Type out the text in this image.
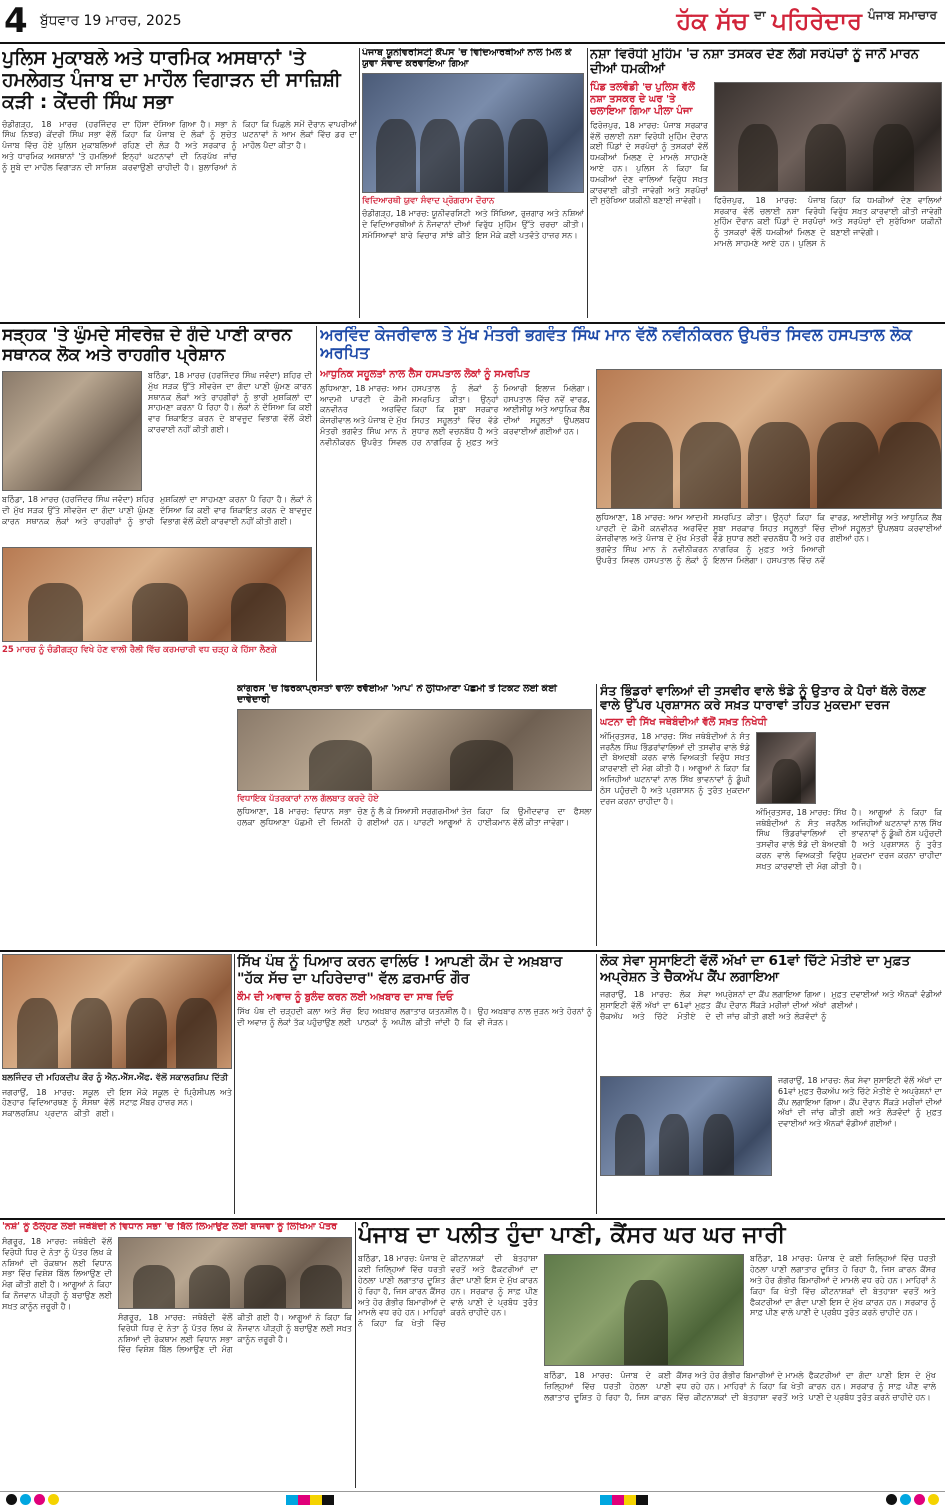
4 ਬੁੱਧਵਾਰ 19 ਮਾਰਚ, 2025	ਹੱਕ ਸੱਚ ਦਾ ਪਹਿਰੇਦਾਰ ਪੰਜਾਬ ਸਮਾਚਾਰ
ਪੁਲਿਸ ਮੁਕਾਬਲੇ ਅਤੇ ਧਾਰਮਿਕ ਅਸਥਾਨਾਂ 'ਤੇ ਹਮਲੇਗਤ ਪੰਜਾਬ ਦਾ ਮਾਹੌਲ ਵਿਗਾੜਨ ਦੀ ਸਾਜ਼ਿਸ਼ੀ ਕੜੀ : ਕੇਂਦਰੀ ਸਿੰਘ ਸਭਾ
ਚੰਡੀਗੜ੍ਹ, 18 ਮਾਰਚ (ਹਰਜਿੰਦਰ ਸਿੰਘ ਨਿਝਰ) ਕੇਂਦਰੀ ਸਿੰਘ ਸਭਾ ਵੱਲੋਂ ਪੰਜਾਬ ਵਿੱਚ ਹੋਏ ਪੁਲਿਸ ਮੁਕਾਬਲਿਆਂ ਅਤੇ ਧਾਰਮਿਕ ਅਸਥਾਨਾਂ 'ਤੇ ਹਮਲਿਆਂ ਨੂੰ ਸੂਬੇ ਦਾ ਮਾਹੌਲ ਵਿਗਾੜਨ ਦੀ ਸਾਜ਼ਿਸ਼ ਦਾ ਹਿੱਸਾ ਦੱਸਿਆ ਗਿਆ ਹੈ। ਸਭਾ ਨੇ ਕਿਹਾ ਕਿ ਪੰਜਾਬ ਦੇ ਲੋਕਾਂ ਨੂੰ ਸੁਚੇਤ ਰਹਿਣ ਦੀ ਲੋੜ ਹੈ ਅਤੇ ਸਰਕਾਰ ਨੂੰ ਇਨ੍ਹਾਂ ਘਟਨਾਵਾਂ ਦੀ ਨਿਰਪੱਖ ਜਾਂਚ ਕਰਵਾਉਣੀ ਚਾਹੀਦੀ ਹੈ। ਬੁਲਾਰਿਆਂ ਨੇ ਕਿਹਾ ਕਿ ਪਿਛਲੇ ਸਮੇਂ ਦੌਰਾਨ ਵਾਪਰੀਆਂ ਘਟਨਾਵਾਂ ਨੇ ਆਮ ਲੋਕਾਂ ਵਿੱਚ ਡਰ ਦਾ ਮਾਹੌਲ ਪੈਦਾ ਕੀਤਾ ਹੈ।
ਪੰਜਾਬ ਯੂਨੀਵਰਸਿਟੀ ਕੈਂਪਸ 'ਚ ਵਿਦਿਆਰਥੀਆਂ ਨਾਲ ਮਿਲ ਕੇ ਯੁਵਾ ਸੰਵਾਦ ਕਰਵਾਇਆ ਗਿਆ
ਵਿਦਿਆਰਥੀ ਯੁਵਾ ਸੰਵਾਦ ਪ੍ਰੋਗਰਾਮ ਦੌਰਾਨ
ਚੰਡੀਗੜ੍ਹ, 18 ਮਾਰਚ: ਯੂਨੀਵਰਸਿਟੀ ਦੇ ਵਿਦਿਆਰਥੀਆਂ ਨੇ ਨੌਜਵਾਨਾਂ ਦੀਆਂ ਸਮੱਸਿਆਵਾਂ ਬਾਰੇ ਵਿਚਾਰ ਸਾਂਝੇ ਕੀਤੇ ਅਤੇ ਸਿੱਖਿਆ, ਰੁਜ਼ਗਾਰ ਅਤੇ ਨਸ਼ਿਆਂ ਵਿਰੁੱਧ ਮੁਹਿੰਮ ਉੱਤੇ ਚਰਚਾ ਕੀਤੀ। ਇਸ ਮੌਕੇ ਕਈ ਪਤਵੰਤੇ ਹਾਜ਼ਰ ਸਨ।
ਨਸ਼ਾ ਵਿਰੋਧੀ ਮੁਹਿੰਮ 'ਚ ਨਸ਼ਾ ਤਸਕਰ ਦੇਣ ਲੱਗੇ ਸਰਪੰਚਾਂ ਨੂੰ ਜਾਨੋਂ ਮਾਰਨ ਦੀਆਂ ਧਮਕੀਆਂ
ਪਿੰਡ ਤਲਵੰਡੀ 'ਚ ਪੁਲਿਸ ਵੱਲੋਂ ਨਸ਼ਾ ਤਸਕਰ ਦੇ ਘਰ 'ਤੇ ਚਲਾਇਆ ਗਿਆ ਪੀਲਾ ਪੰਜਾ
ਫਿਰੋਜ਼ਪੁਰ, 18 ਮਾਰਚ: ਪੰਜਾਬ ਸਰਕਾਰ ਵੱਲੋਂ ਚਲਾਈ ਨਸ਼ਾ ਵਿਰੋਧੀ ਮੁਹਿੰਮ ਦੌਰਾਨ ਕਈ ਪਿੰਡਾਂ ਦੇ ਸਰਪੰਚਾਂ ਨੂੰ ਤਸਕਰਾਂ ਵੱਲੋਂ ਧਮਕੀਆਂ ਮਿਲਣ ਦੇ ਮਾਮਲੇ ਸਾਹਮਣੇ ਆਏ ਹਨ। ਪੁਲਿਸ ਨੇ ਕਿਹਾ ਕਿ ਧਮਕੀਆਂ ਦੇਣ ਵਾਲਿਆਂ ਵਿਰੁੱਧ ਸਖ਼ਤ ਕਾਰਵਾਈ ਕੀਤੀ ਜਾਵੇਗੀ ਅਤੇ ਸਰਪੰਚਾਂ ਦੀ ਸੁਰੱਖਿਆ ਯਕੀਨੀ ਬਣਾਈ ਜਾਵੇਗੀ।	ਫਿਰੋਜ਼ਪੁਰ, 18 ਮਾਰਚ: ਪੰਜਾਬ ਸਰਕਾਰ ਵੱਲੋਂ ਚਲਾਈ ਨਸ਼ਾ ਵਿਰੋਧੀ ਮੁਹਿੰਮ ਦੌਰਾਨ ਕਈ ਪਿੰਡਾਂ ਦੇ ਸਰਪੰਚਾਂ ਨੂੰ ਤਸਕਰਾਂ ਵੱਲੋਂ ਧਮਕੀਆਂ ਮਿਲਣ ਦੇ ਮਾਮਲੇ ਸਾਹਮਣੇ ਆਏ ਹਨ। ਪੁਲਿਸ ਨੇ ਕਿਹਾ ਕਿ ਧਮਕੀਆਂ ਦੇਣ ਵਾਲਿਆਂ ਵਿਰੁੱਧ ਸਖ਼ਤ ਕਾਰਵਾਈ ਕੀਤੀ ਜਾਵੇਗੀ ਅਤੇ ਸਰਪੰਚਾਂ ਦੀ ਸੁਰੱਖਿਆ ਯਕੀਨੀ ਬਣਾਈ ਜਾਵੇਗੀ।
ਸੜ੍ਹਕ 'ਤੇ ਘੁੰਮਦੇ ਸੀਵਰੇਜ਼ ਦੇ ਗੰਦੇ ਪਾਣੀ ਕਾਰਨ ਸਥਾਨਕ ਲੋਕ ਅਤੇ ਰਾਹਗੀਰ ਪ੍ਰੇਸ਼ਾਨ
ਬਠਿੰਡਾ, 18 ਮਾਰਚ (ਹਰਜਿੰਦਰ ਸਿੰਘ ਜਵੰਦਾ) ਸ਼ਹਿਰ ਦੀ ਮੁੱਖ ਸੜਕ ਉੱਤੇ ਸੀਵਰੇਜ ਦਾ ਗੰਦਾ ਪਾਣੀ ਘੁੰਮਣ ਕਾਰਨ ਸਥਾਨਕ ਲੋਕਾਂ ਅਤੇ ਰਾਹਗੀਰਾਂ ਨੂੰ ਭਾਰੀ ਮੁਸ਼ਕਿਲਾਂ ਦਾ ਸਾਹਮਣਾ ਕਰਨਾ ਪੈ ਰਿਹਾ ਹੈ। ਲੋਕਾਂ ਨੇ ਦੱਸਿਆ ਕਿ ਕਈ ਵਾਰ ਸ਼ਿਕਾਇਤ ਕਰਨ ਦੇ ਬਾਵਜੂਦ ਵਿਭਾਗ ਵੱਲੋਂ ਕੋਈ ਕਾਰਵਾਈ ਨਹੀਂ ਕੀਤੀ ਗਈ।
ਬਠਿੰਡਾ, 18 ਮਾਰਚ (ਹਰਜਿੰਦਰ ਸਿੰਘ ਜਵੰਦਾ) ਸ਼ਹਿਰ ਦੀ ਮੁੱਖ ਸੜਕ ਉੱਤੇ ਸੀਵਰੇਜ ਦਾ ਗੰਦਾ ਪਾਣੀ ਘੁੰਮਣ ਕਾਰਨ ਸਥਾਨਕ ਲੋਕਾਂ ਅਤੇ ਰਾਹਗੀਰਾਂ ਨੂੰ ਭਾਰੀ ਮੁਸ਼ਕਿਲਾਂ ਦਾ ਸਾਹਮਣਾ ਕਰਨਾ ਪੈ ਰਿਹਾ ਹੈ। ਲੋਕਾਂ ਨੇ ਦੱਸਿਆ ਕਿ ਕਈ ਵਾਰ ਸ਼ਿਕਾਇਤ ਕਰਨ ਦੇ ਬਾਵਜੂਦ ਵਿਭਾਗ ਵੱਲੋਂ ਕੋਈ ਕਾਰਵਾਈ ਨਹੀਂ ਕੀਤੀ ਗਈ।
25 ਮਾਰਚ ਨੂੰ ਚੰਡੀਗੜ੍ਹ ਵਿਖੇ ਹੋਣ ਵਾਲੀ ਰੈਲੀ ਵਿੱਚ ਕਰਮਚਾਰੀ ਵਧ ਚੜ੍ਹ ਕੇ ਹਿੱਸਾ ਲੈਣਗੇ
ਅਰਵਿੰਦ ਕੇਜਰੀਵਾਲ ਤੇ ਮੁੱਖ ਮੰਤਰੀ ਭਗਵੰਤ ਸਿੰਘ ਮਾਨ ਵੱਲੋਂ ਨਵੀਨੀਕਰਨ ਉਪਰੰਤ ਸਿਵਲ ਹਸਪਤਾਲ ਲੋਕ ਅਰਪਿਤ
ਆਧੁਨਿਕ ਸਹੂਲਤਾਂ ਨਾਲ ਲੈਸ ਹਸਪਤਾਲ ਲੋਕਾਂ ਨੂੰ ਸਮਰਪਿਤ
ਲੁਧਿਆਣਾ, 18 ਮਾਰਚ: ਆਮ ਆਦਮੀ ਪਾਰਟੀ ਦੇ ਕੌਮੀ ਕਨਵੀਨਰ ਅਰਵਿੰਦ ਕੇਜਰੀਵਾਲ ਅਤੇ ਪੰਜਾਬ ਦੇ ਮੁੱਖ ਮੰਤਰੀ ਭਗਵੰਤ ਸਿੰਘ ਮਾਨ ਨੇ ਨਵੀਨੀਕਰਨ ਉਪਰੰਤ ਸਿਵਲ ਹਸਪਤਾਲ ਨੂੰ ਲੋਕਾਂ ਨੂੰ ਸਮਰਪਿਤ ਕੀਤਾ। ਉਨ੍ਹਾਂ ਕਿਹਾ ਕਿ ਸੂਬਾ ਸਰਕਾਰ ਸਿਹਤ ਸਹੂਲਤਾਂ ਵਿੱਚ ਵੱਡੇ ਸੁਧਾਰ ਲਈ ਵਚਨਬੱਧ ਹੈ ਅਤੇ ਹਰ ਨਾਗਰਿਕ ਨੂੰ ਮੁਫ਼ਤ ਅਤੇ ਮਿਆਰੀ ਇਲਾਜ ਮਿਲੇਗਾ। ਹਸਪਤਾਲ ਵਿੱਚ ਨਵੇਂ ਵਾਰਡ, ਆਈਸੀਯੂ ਅਤੇ ਆਧੁਨਿਕ ਲੈਬ ਦੀਆਂ ਸਹੂਲਤਾਂ ਉਪਲਬਧ ਕਰਵਾਈਆਂ ਗਈਆਂ ਹਨ।
ਲੁਧਿਆਣਾ, 18 ਮਾਰਚ: ਆਮ ਆਦਮੀ ਪਾਰਟੀ ਦੇ ਕੌਮੀ ਕਨਵੀਨਰ ਅਰਵਿੰਦ ਕੇਜਰੀਵਾਲ ਅਤੇ ਪੰਜਾਬ ਦੇ ਮੁੱਖ ਮੰਤਰੀ ਭਗਵੰਤ ਸਿੰਘ ਮਾਨ ਨੇ ਨਵੀਨੀਕਰਨ ਉਪਰੰਤ ਸਿਵਲ ਹਸਪਤਾਲ ਨੂੰ ਲੋਕਾਂ ਨੂੰ ਸਮਰਪਿਤ ਕੀਤਾ। ਉਨ੍ਹਾਂ ਕਿਹਾ ਕਿ ਸੂਬਾ ਸਰਕਾਰ ਸਿਹਤ ਸਹੂਲਤਾਂ ਵਿੱਚ ਵੱਡੇ ਸੁਧਾਰ ਲਈ ਵਚਨਬੱਧ ਹੈ ਅਤੇ ਹਰ ਨਾਗਰਿਕ ਨੂੰ ਮੁਫ਼ਤ ਅਤੇ ਮਿਆਰੀ ਇਲਾਜ ਮਿਲੇਗਾ। ਹਸਪਤਾਲ ਵਿੱਚ ਨਵੇਂ ਵਾਰਡ, ਆਈਸੀਯੂ ਅਤੇ ਆਧੁਨਿਕ ਲੈਬ ਦੀਆਂ ਸਹੂਲਤਾਂ ਉਪਲਬਧ ਕਰਵਾਈਆਂ ਗਈਆਂ ਹਨ।
ਕਾਂਗਰਸ 'ਚ ਫਿਰਕਾਪ੍ਰਸਤਾਂ ਵਾਲਾ ਰਵੱਈਆ 'ਆਪ' ਨੇ ਲੁਧਿਆਣਾ ਪੱਛਮੀ ਤੋਂ ਟਿਕਟ ਲਈ ਕੋਈ ਦਾਵੇਦਾਰੀ
ਵਿਧਾਇਕ ਪੱਤਰਕਾਰਾਂ ਨਾਲ ਗੱਲਬਾਤ ਕਰਦੇ ਹੋਏ
ਲੁਧਿਆਣਾ, 18 ਮਾਰਚ: ਵਿਧਾਨ ਸਭਾ ਹਲਕਾ ਲੁਧਿਆਣਾ ਪੱਛਮੀ ਦੀ ਜ਼ਿਮਨੀ ਚੋਣ ਨੂੰ ਲੈ ਕੇ ਸਿਆਸੀ ਸਰਗਰਮੀਆਂ ਤੇਜ਼ ਹੋ ਗਈਆਂ ਹਨ। ਪਾਰਟੀ ਆਗੂਆਂ ਨੇ ਕਿਹਾ ਕਿ ਉਮੀਦਵਾਰ ਦਾ ਫੈਸਲਾ ਹਾਈਕਮਾਨ ਵੱਲੋਂ ਕੀਤਾ ਜਾਵੇਗਾ।
ਸੰਤ ਭਿੰਡਰਾਂ ਵਾਲਿਆਂ ਦੀ ਤਸਵੀਰ ਵਾਲੇ ਝੰਡੇ ਨੂੰ ਉਤਾਰ ਕੇ ਪੈਰਾਂ ਥੱਲੇ ਰੋਲਣ ਵਾਲੇ ਉੱਪਰ ਪ੍ਰਸ਼ਾਸਨ ਕਰੇ ਸਖ਼ਤ ਧਾਰਾਵਾਂ ਤਹਿਤ ਮੁਕਦਮਾ ਦਰਜ
ਘਟਨਾ ਦੀ ਸਿੱਖ ਜਥੇਬੰਦੀਆਂ ਵੱਲੋਂ ਸਖ਼ਤ ਨਿਖੇਧੀ
ਅੰਮ੍ਰਿਤਸਰ, 18 ਮਾਰਚ: ਸਿੱਖ ਜਥੇਬੰਦੀਆਂ ਨੇ ਸੰਤ ਜਰਨੈਲ ਸਿੰਘ ਭਿੰਡਰਾਂਵਾਲਿਆਂ ਦੀ ਤਸਵੀਰ ਵਾਲੇ ਝੰਡੇ ਦੀ ਬੇਅਦਬੀ ਕਰਨ ਵਾਲੇ ਵਿਅਕਤੀ ਵਿਰੁੱਧ ਸਖ਼ਤ ਕਾਰਵਾਈ ਦੀ ਮੰਗ ਕੀਤੀ ਹੈ। ਆਗੂਆਂ ਨੇ ਕਿਹਾ ਕਿ ਅਜਿਹੀਆਂ ਘਟਨਾਵਾਂ ਨਾਲ ਸਿੱਖ ਭਾਵਨਾਵਾਂ ਨੂੰ ਡੂੰਘੀ ਠੇਸ ਪਹੁੰਚਦੀ ਹੈ ਅਤੇ ਪ੍ਰਸ਼ਾਸਨ ਨੂੰ ਤੁਰੰਤ ਮੁਕਦਮਾ ਦਰਜ ਕਰਨਾ ਚਾਹੀਦਾ ਹੈ।
ਅੰਮ੍ਰਿਤਸਰ, 18 ਮਾਰਚ: ਸਿੱਖ ਜਥੇਬੰਦੀਆਂ ਨੇ ਸੰਤ ਜਰਨੈਲ ਸਿੰਘ ਭਿੰਡਰਾਂਵਾਲਿਆਂ ਦੀ ਤਸਵੀਰ ਵਾਲੇ ਝੰਡੇ ਦੀ ਬੇਅਦਬੀ ਕਰਨ ਵਾਲੇ ਵਿਅਕਤੀ ਵਿਰੁੱਧ ਸਖ਼ਤ ਕਾਰਵਾਈ ਦੀ ਮੰਗ ਕੀਤੀ ਹੈ। ਆਗੂਆਂ ਨੇ ਕਿਹਾ ਕਿ ਅਜਿਹੀਆਂ ਘਟਨਾਵਾਂ ਨਾਲ ਸਿੱਖ ਭਾਵਨਾਵਾਂ ਨੂੰ ਡੂੰਘੀ ਠੇਸ ਪਹੁੰਚਦੀ ਹੈ ਅਤੇ ਪ੍ਰਸ਼ਾਸਨ ਨੂੰ ਤੁਰੰਤ ਮੁਕਦਮਾ ਦਰਜ ਕਰਨਾ ਚਾਹੀਦਾ ਹੈ।
ਬਲਜਿੰਦਰ ਦੀ ਮਹਿਕਦੀਪ ਕੌਰ ਨੂੰ ਐਨ.ਐੱਸ.ਐੱਫ. ਵੱਲੋਂ ਸਕਾਲਰਸ਼ਿਪ ਦਿੱਤੀ
ਜਗਰਾਉਂ, 18 ਮਾਰਚ: ਸਕੂਲ ਦੀ ਹੋਣਹਾਰ ਵਿਦਿਆਰਥਣ ਨੂੰ ਸੰਸਥਾ ਵੱਲੋਂ ਸਕਾਲਰਸ਼ਿਪ ਪ੍ਰਦਾਨ ਕੀਤੀ ਗਈ। ਇਸ ਮੌਕੇ ਸਕੂਲ ਦੇ ਪ੍ਰਿੰਸੀਪਲ ਅਤੇ ਸਟਾਫ਼ ਮੈਂਬਰ ਹਾਜ਼ਰ ਸਨ।
ਸਿੱਖ ਪੰਥ ਨੂੰ ਪਿਆਰ ਕਰਨ ਵਾਲਿਓ ! ਆਪਣੀ ਕੌਮ ਦੇ ਅਖ਼ਬਾਰ "ਹੱਕ ਸੱਚ ਦਾ ਪਹਿਰੇਦਾਰ" ਵੱਲ ਫ਼ਰਮਾਓ ਗੌਰ
ਕੌਮ ਦੀ ਅਵਾਜ਼ ਨੂੰ ਬੁਲੰਦ ਕਰਨ ਲਈ ਅਖ਼ਬਾਰ ਦਾ ਸਾਥ ਦਿਓ
ਸਿੱਖ ਪੰਥ ਦੀ ਚੜ੍ਹਦੀ ਕਲਾ ਅਤੇ ਸੱਚ ਦੀ ਅਵਾਜ਼ ਨੂੰ ਲੋਕਾਂ ਤੱਕ ਪਹੁੰਚਾਉਣ ਲਈ ਇਹ ਅਖ਼ਬਾਰ ਲਗਾਤਾਰ ਯਤਨਸ਼ੀਲ ਹੈ। ਪਾਠਕਾਂ ਨੂੰ ਅਪੀਲ ਕੀਤੀ ਜਾਂਦੀ ਹੈ ਕਿ ਉਹ ਅਖ਼ਬਾਰ ਨਾਲ ਜੁੜਨ ਅਤੇ ਹੋਰਨਾਂ ਨੂੰ ਵੀ ਜੋੜਨ।
ਲੋਕ ਸੇਵਾ ਸੁਸਾਇਟੀ ਵੱਲੋਂ ਅੱਖਾਂ ਦਾ 61ਵਾਂ ਚਿੱਟੇ ਮੋਤੀਏ ਦਾ ਮੁਫ਼ਤ ਅਪ੍ਰੇਸ਼ਨ ਤੇ ਚੈਕਅੱਪ ਕੈਂਪ ਲਗਾਇਆ
ਜਗਰਾਉਂ, 18 ਮਾਰਚ: ਲੋਕ ਸੇਵਾ ਸੁਸਾਇਟੀ ਵੱਲੋਂ ਅੱਖਾਂ ਦਾ 61ਵਾਂ ਮੁਫ਼ਤ ਚੈਕਅੱਪ ਅਤੇ ਚਿੱਟੇ ਮੋਤੀਏ ਦੇ ਅਪ੍ਰੇਸ਼ਨਾਂ ਦਾ ਕੈਂਪ ਲਗਾਇਆ ਗਿਆ। ਕੈਂਪ ਦੌਰਾਨ ਸੈਂਕੜੇ ਮਰੀਜ਼ਾਂ ਦੀਆਂ ਅੱਖਾਂ ਦੀ ਜਾਂਚ ਕੀਤੀ ਗਈ ਅਤੇ ਲੋੜਵੰਦਾਂ ਨੂੰ ਮੁਫ਼ਤ ਦਵਾਈਆਂ ਅਤੇ ਐਨਕਾਂ ਵੰਡੀਆਂ ਗਈਆਂ।
ਜਗਰਾਉਂ, 18 ਮਾਰਚ: ਲੋਕ ਸੇਵਾ ਸੁਸਾਇਟੀ ਵੱਲੋਂ ਅੱਖਾਂ ਦਾ 61ਵਾਂ ਮੁਫ਼ਤ ਚੈਕਅੱਪ ਅਤੇ ਚਿੱਟੇ ਮੋਤੀਏ ਦੇ ਅਪ੍ਰੇਸ਼ਨਾਂ ਦਾ ਕੈਂਪ ਲਗਾਇਆ ਗਿਆ। ਕੈਂਪ ਦੌਰਾਨ ਸੈਂਕੜੇ ਮਰੀਜ਼ਾਂ ਦੀਆਂ ਅੱਖਾਂ ਦੀ ਜਾਂਚ ਕੀਤੀ ਗਈ ਅਤੇ ਲੋੜਵੰਦਾਂ ਨੂੰ ਮੁਫ਼ਤ ਦਵਾਈਆਂ ਅਤੇ ਐਨਕਾਂ ਵੰਡੀਆਂ ਗਈਆਂ।
'ਨਸ਼ੇ' ਨੂੰ ਠੱਲ੍ਹਣ ਲਈ ਜਥੇਬੰਦੀ ਨੇ ਵਿਧਾਨ ਸਭਾ 'ਚ ਬਿੱਲ ਲਿਆਉਣ ਲਈ ਬਾਜਵਾ ਨੂੰ ਲਿਖਿਆ ਪੱਤਰ
ਸੰਗਰੂਰ, 18 ਮਾਰਚ: ਜਥੇਬੰਦੀ ਵੱਲੋਂ ਵਿਰੋਧੀ ਧਿਰ ਦੇ ਨੇਤਾ ਨੂੰ ਪੱਤਰ ਲਿਖ ਕੇ ਨਸ਼ਿਆਂ ਦੀ ਰੋਕਥਾਮ ਲਈ ਵਿਧਾਨ ਸਭਾ ਵਿੱਚ ਵਿਸ਼ੇਸ਼ ਬਿੱਲ ਲਿਆਉਣ ਦੀ ਮੰਗ ਕੀਤੀ ਗਈ ਹੈ। ਆਗੂਆਂ ਨੇ ਕਿਹਾ ਕਿ ਨੌਜਵਾਨ ਪੀੜ੍ਹੀ ਨੂੰ ਬਚਾਉਣ ਲਈ ਸਖ਼ਤ ਕਾਨੂੰਨ ਜ਼ਰੂਰੀ ਹੈ।
ਸੰਗਰੂਰ, 18 ਮਾਰਚ: ਜਥੇਬੰਦੀ ਵੱਲੋਂ ਵਿਰੋਧੀ ਧਿਰ ਦੇ ਨੇਤਾ ਨੂੰ ਪੱਤਰ ਲਿਖ ਕੇ ਨਸ਼ਿਆਂ ਦੀ ਰੋਕਥਾਮ ਲਈ ਵਿਧਾਨ ਸਭਾ ਵਿੱਚ ਵਿਸ਼ੇਸ਼ ਬਿੱਲ ਲਿਆਉਣ ਦੀ ਮੰਗ ਕੀਤੀ ਗਈ ਹੈ। ਆਗੂਆਂ ਨੇ ਕਿਹਾ ਕਿ ਨੌਜਵਾਨ ਪੀੜ੍ਹੀ ਨੂੰ ਬਚਾਉਣ ਲਈ ਸਖ਼ਤ ਕਾਨੂੰਨ ਜ਼ਰੂਰੀ ਹੈ।
ਪੰਜਾਬ ਦਾ ਪਲੀਤ ਹੁੰਦਾ ਪਾਣੀ, ਕੈਂਸਰ ਘਰ ਘਰ ਜਾਰੀ
ਬਠਿੰਡਾ, 18 ਮਾਰਚ: ਪੰਜਾਬ ਦੇ ਕਈ ਜ਼ਿਲ੍ਹਿਆਂ ਵਿੱਚ ਧਰਤੀ ਹੇਠਲਾ ਪਾਣੀ ਲਗਾਤਾਰ ਦੂਸ਼ਿਤ ਹੋ ਰਿਹਾ ਹੈ, ਜਿਸ ਕਾਰਨ ਕੈਂਸਰ ਅਤੇ ਹੋਰ ਗੰਭੀਰ ਬਿਮਾਰੀਆਂ ਦੇ ਮਾਮਲੇ ਵਧ ਰਹੇ ਹਨ। ਮਾਹਿਰਾਂ ਨੇ ਕਿਹਾ ਕਿ ਖੇਤੀ ਵਿੱਚ ਕੀਟਨਾਸ਼ਕਾਂ ਦੀ ਬੇਤਹਾਸ਼ਾ ਵਰਤੋਂ ਅਤੇ ਫੈਕਟਰੀਆਂ ਦਾ ਗੰਦਾ ਪਾਣੀ ਇਸ ਦੇ ਮੁੱਖ ਕਾਰਨ ਹਨ। ਸਰਕਾਰ ਨੂੰ ਸਾਫ਼ ਪੀਣ ਵਾਲੇ ਪਾਣੀ ਦੇ ਪ੍ਰਬੰਧ ਤੁਰੰਤ ਕਰਨੇ ਚਾਹੀਦੇ ਹਨ।
ਬਠਿੰਡਾ, 18 ਮਾਰਚ: ਪੰਜਾਬ ਦੇ ਕਈ ਜ਼ਿਲ੍ਹਿਆਂ ਵਿੱਚ ਧਰਤੀ ਹੇਠਲਾ ਪਾਣੀ ਲਗਾਤਾਰ ਦੂਸ਼ਿਤ ਹੋ ਰਿਹਾ ਹੈ, ਜਿਸ ਕਾਰਨ ਕੈਂਸਰ ਅਤੇ ਹੋਰ ਗੰਭੀਰ ਬਿਮਾਰੀਆਂ ਦੇ ਮਾਮਲੇ ਵਧ ਰਹੇ ਹਨ। ਮਾਹਿਰਾਂ ਨੇ ਕਿਹਾ ਕਿ ਖੇਤੀ ਵਿੱਚ ਕੀਟਨਾਸ਼ਕਾਂ ਦੀ ਬੇਤਹਾਸ਼ਾ ਵਰਤੋਂ ਅਤੇ ਫੈਕਟਰੀਆਂ ਦਾ ਗੰਦਾ ਪਾਣੀ ਇਸ ਦੇ ਮੁੱਖ ਕਾਰਨ ਹਨ। ਸਰਕਾਰ ਨੂੰ ਸਾਫ਼ ਪੀਣ ਵਾਲੇ ਪਾਣੀ ਦੇ ਪ੍ਰਬੰਧ ਤੁਰੰਤ ਕਰਨੇ ਚਾਹੀਦੇ ਹਨ।
ਬਠਿੰਡਾ, 18 ਮਾਰਚ: ਪੰਜਾਬ ਦੇ ਕਈ ਜ਼ਿਲ੍ਹਿਆਂ ਵਿੱਚ ਧਰਤੀ ਹੇਠਲਾ ਪਾਣੀ ਲਗਾਤਾਰ ਦੂਸ਼ਿਤ ਹੋ ਰਿਹਾ ਹੈ, ਜਿਸ ਕਾਰਨ ਕੈਂਸਰ ਅਤੇ ਹੋਰ ਗੰਭੀਰ ਬਿਮਾਰੀਆਂ ਦੇ ਮਾਮਲੇ ਵਧ ਰਹੇ ਹਨ। ਮਾਹਿਰਾਂ ਨੇ ਕਿਹਾ ਕਿ ਖੇਤੀ ਵਿੱਚ ਕੀਟਨਾਸ਼ਕਾਂ ਦੀ ਬੇਤਹਾਸ਼ਾ ਵਰਤੋਂ ਅਤੇ ਫੈਕਟਰੀਆਂ ਦਾ ਗੰਦਾ ਪਾਣੀ ਇਸ ਦੇ ਮੁੱਖ ਕਾਰਨ ਹਨ। ਸਰਕਾਰ ਨੂੰ ਸਾਫ਼ ਪੀਣ ਵਾਲੇ ਪਾਣੀ ਦੇ ਪ੍ਰਬੰਧ ਤੁਰੰਤ ਕਰਨੇ ਚਾਹੀਦੇ ਹਨ।
